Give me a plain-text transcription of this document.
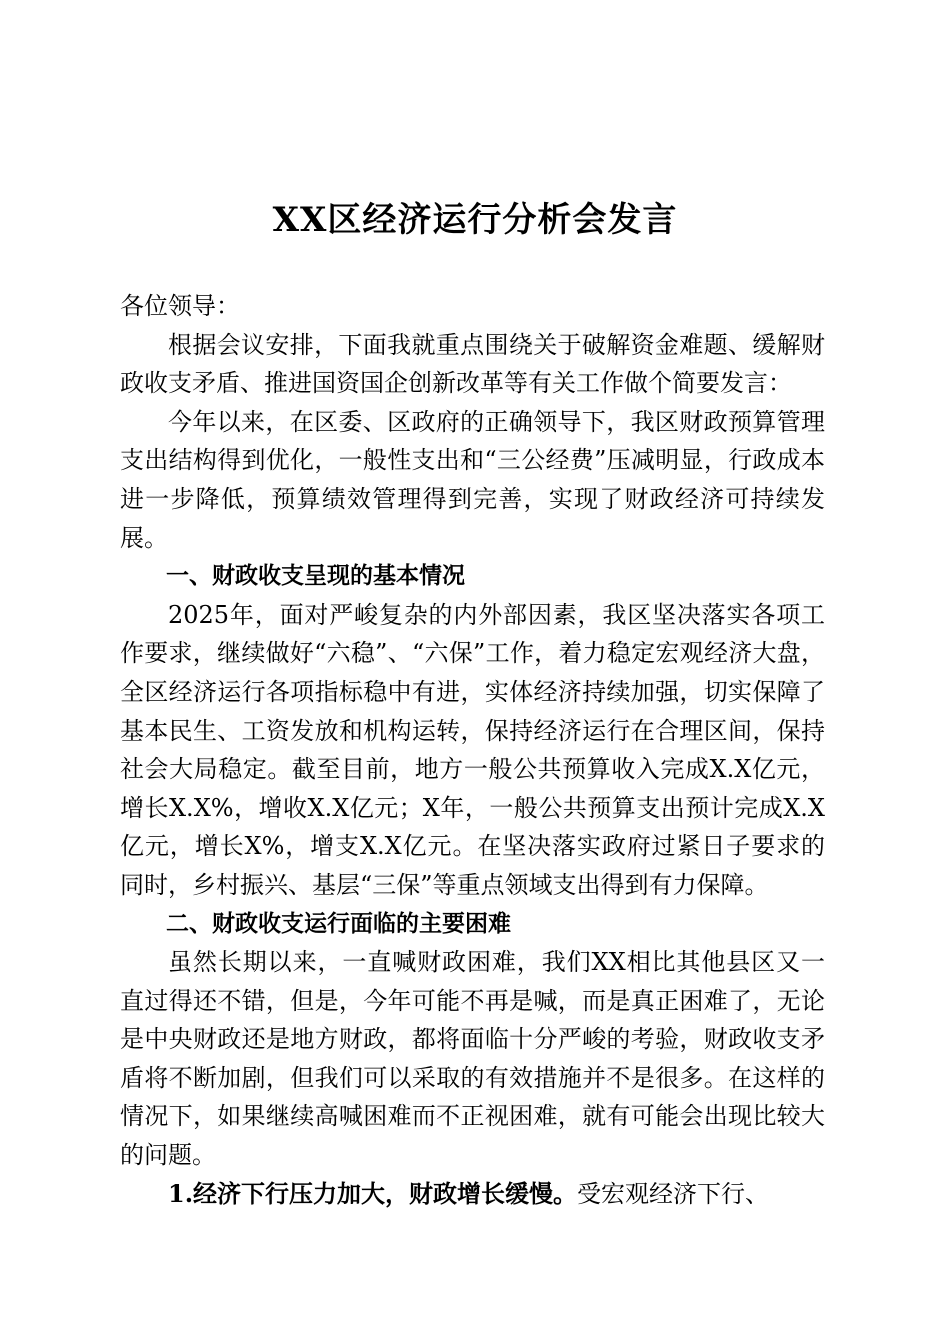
XX区经济运行分析会发言

各位领导：

根据会议安排，下面我就重点围绕关于破解资金难题、缓解财政收支矛盾、推进国资国企创新改革等有关工作做个简要发言：

今年以来，在区委、区政府的正确领导下，我区财政预算管理支出结构得到优化，一般性支出和“三公经费”压减明显，行政成本进一步降低，预算绩效管理得到完善，实现了财政经济可持续发展。

一、财政收支呈现的基本情况

2025年，面对严峻复杂的内外部因素，我区坚决落实各项工作要求，继续做好“六稳”、“六保”工作，着力稳定宏观经济大盘，全区经济运行各项指标稳中有进，实体经济持续加强，切实保障了基本民生、工资发放和机构运转，保持经济运行在合理区间，保持社会大局稳定。截至目前，地方一般公共预算收入完成X.X亿元，增长X.X%，增收X.X亿元；X年，一般公共预算支出预计完成X.X亿元，增长X%，增支X.X亿元。在坚决落实政府过紧日子要求的同时，乡村振兴、基层“三保”等重点领域支出得到有力保障。

二、财政收支运行面临的主要困难

虽然长期以来，一直喊财政困难，我们XX相比其他县区又一直过得还不错，但是，今年可能不再是喊，而是真正困难了，无论是中央财政还是地方财政，都将面临十分严峻的考验，财政收支矛盾将不断加剧，但我们可以采取的有效措施并不是很多。在这样的情况下，如果继续高喊困难而不正视困难，就有可能会出现比较大的问题。

1.经济下行压力加大，财政增长缓慢。受宏观经济下行、
